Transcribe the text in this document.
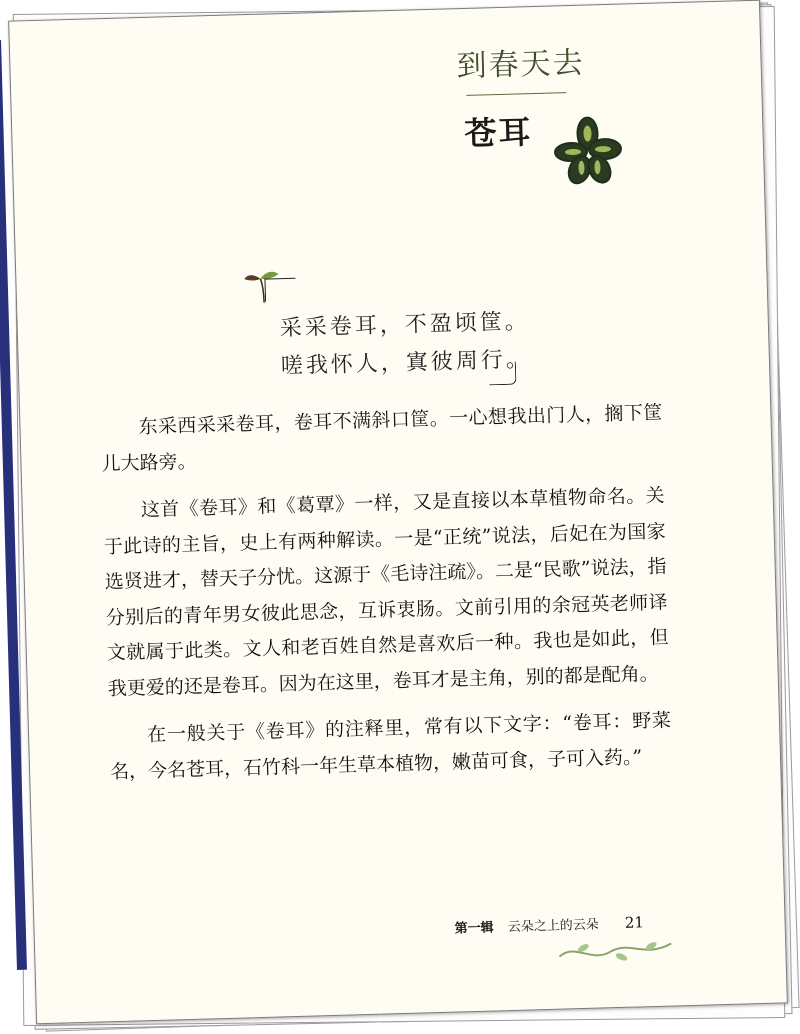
到春天去
苍耳
采采卷耳，不盈顷筐。
嗟我怀人，寘彼周行。

东采西采采卷耳，卷耳不满斜口筐。一心想我出门人，搁下筐儿大路旁。

这首《卷耳》和《葛覃》一样，又是直接以本草植物命名。关于此诗的主旨，史上有两种解读。一是“正统”说法，后妃在为国家选贤进才，替天子分忧。这源于《毛诗注疏》。二是“民歌”说法，指分别后的青年男女彼此思念，互诉衷肠。文前引用的余冠英老师译文就属于此类。文人和老百姓自然是喜欢后一种。我也是如此，但我更爱的还是卷耳。因为在这里，卷耳才是主角，别的都是配角。

在一般关于《卷耳》的注释里，常有以下文字：“卷耳：野菜名，今名苍耳，石竹科一年生草本植物，嫩苗可食，子可入药。”

第一辑 云朵之上的云朵 21
